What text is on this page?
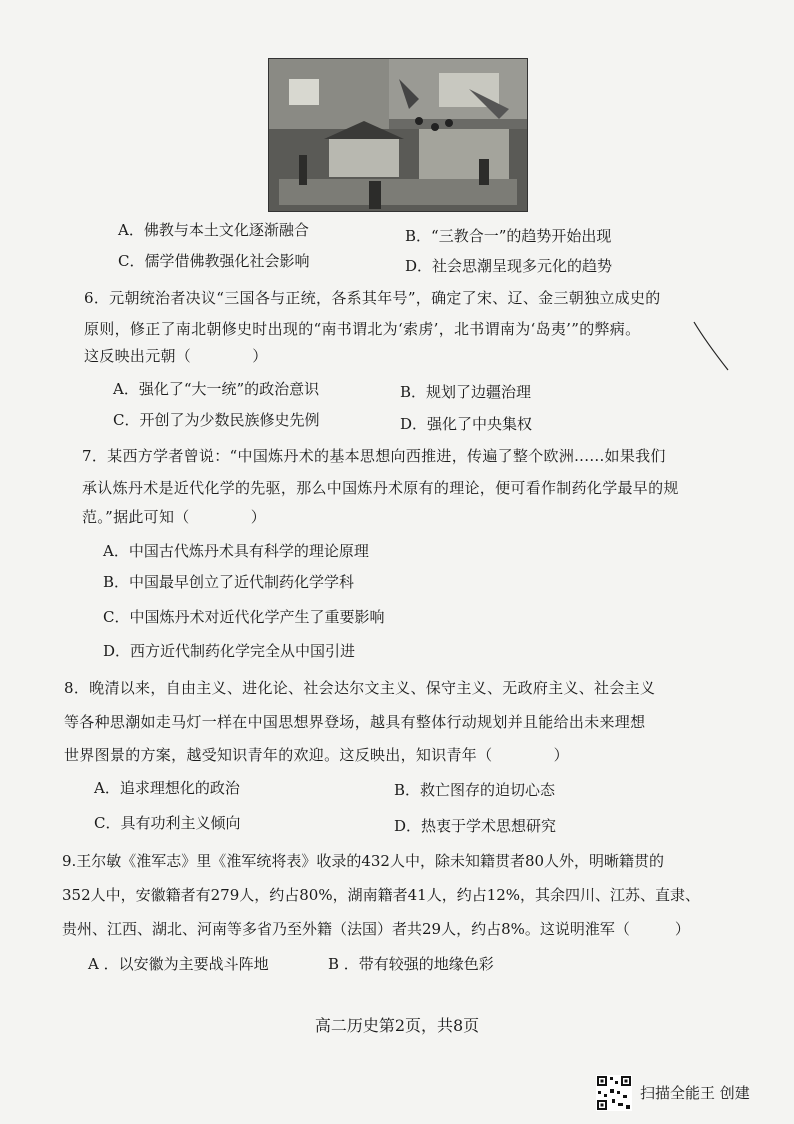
A．佛教与本土文化逐渐融合	B．“三教合一”的趋势开始出现
C．儒学借佛教强化社会影响	D．社会思潮呈现多元化的趋势
6．元朝统治者决议“三国各与正统，各系其年号”，确定了宋、辽、金三朝独立成史的
原则，修正了南北朝修史时出现的“南书谓北为‘索虏’，北书谓南为‘岛夷’”的弊病。
这反映出元朝（　　　　）
A．强化了“大一统”的政治意识	B．规划了边疆治理
C．开创了为少数民族修史先例	D．强化了中央集权
7．某西方学者曾说：“中国炼丹术的基本思想向西推进，传遍了整个欧洲......如果我们
承认炼丹术是近代化学的先驱，那么中国炼丹术原有的理论，便可看作制药化学最早的规
范。”据此可知（　　　　）
A．中国古代炼丹术具有科学的理论原理
B．中国最早创立了近代制药化学学科
C．中国炼丹术对近代化学产生了重要影响
D．西方近代制药化学完全从中国引进
8．晚清以来，自由主义、进化论、社会达尔文主义、保守主义、无政府主义、社会主义
等各种思潮如走马灯一样在中国思想界登场，越具有整体行动规划并且能给出未来理想
世界图景的方案，越受知识青年的欢迎。这反映出，知识青年（　　　　）
A．追求理想化的政治	B．救亡图存的迫切心态
C．具有功利主义倾向	D．热衷于学术思想研究
9.王尔敏《淮军志》里《淮军统将表》收录的432人中，除未知籍贯者80人外，明晰籍贯的
352人中，安徽籍者有279人，约占80%，湖南籍者41人，约占12%，其余四川、江苏、直隶、
贵州、江西、湖北、河南等多省乃至外籍（法国）者共29人，约占8%。这说明淮军（　　　）
A ．以安徽为主要战斗阵地	B ．带有较强的地缘色彩
高二历史第2页，共8页
扫描全能王 创建
